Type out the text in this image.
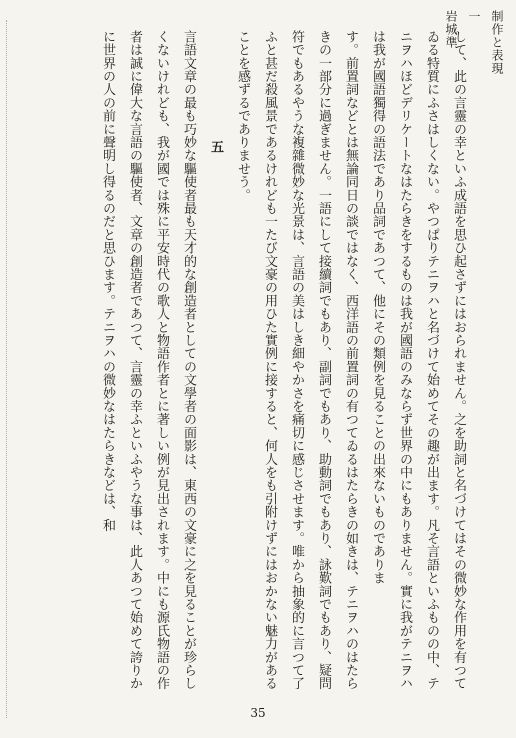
岩城準 一 制作と表現

して、此の言靈の幸といふ成語を思ひ起さずにはおられません。之を助詞と名づけてはその微妙な作用を有つてゐる特質にふさはしくない。やつぱりテニヲハと名づけて始めてその趣が出ます。凡そ言語といふものの中、テニヲハほどデリケートなはたらきをするものは我が國語のみならず世界の中にもありません。實に我がテニヲハは我が國語獨得の語法であり品詞であつて、他にその類例を見ることの出來ないものでありま

す。前置詞などとは無論同日の談ではなく、西洋語の前置詞の有つてゐるはたらきの如きは、テニヲハのはたらきの一部分に過ぎません。一語にして接續詞でもあり、副詞でもあり、助動詞でもあり、詠歎詞でもあり、疑問符でもあるやうな複雜微妙な光景は、言語の美はしき細やかさを痛切に感じさせます。唯から抽象的に言つて了ふと甚だ殺風景であるけれども一たび文豪の用ひた實例に接すると、何人をも引附けずにはおかない魅力があることを感ずるでありませう。

五

言語文章の最も巧妙な驅使者最も天才的な創造者としての文學者の面影は、東西の文豪に之を見ることが珍らしくないけれども、我が國では殊に平安時代の歌人と物語作者とに著しい例が見出されます。中にも源氏物語の作者は誠に偉大な言語の驅使者、文章の創造者であつて、言靈の幸ふといふやうな事は、此人あつて始めて誇りかに世界の人の前に聲明し得るのだと思ひます。テニヲハの微妙なはたらきなどは、和

35
